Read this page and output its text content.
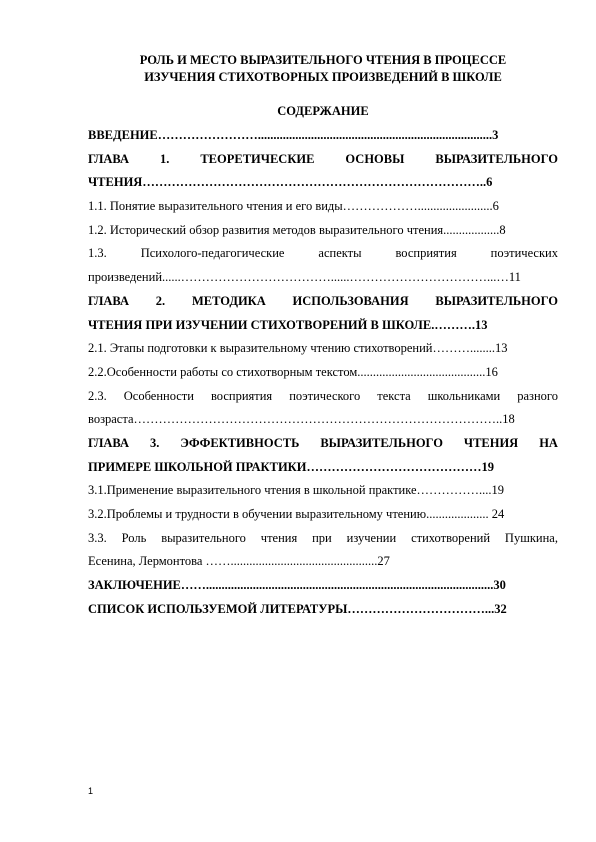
РОЛЬ И МЕСТО ВЫРАЗИТЕЛЬНОГО ЧТЕНИЯ В ПРОЦЕССЕ
ИЗУЧЕНИЯ СТИХОТВОРНЫХ ПРОИЗВЕДЕНИЙ В ШКОЛЕ
СОДЕРЖАНИЕ
ВВЕДЕНИЕ……………………...........................................................................3
ГЛАВА 1. ТЕОРЕТИЧЕСКИЕ ОСНОВЫ ВЫРАЗИТЕЛЬНОГО
ЧТЕНИЯ………………………………………………………………………..6
1.1. Понятие выразительного чтения и его виды………………........................6
1.2. Исторический обзор развития методов выразительного чтения..................8
1.3.	Психолого-педагогические	аспекты	восприятия	поэтических
произведений......………………………………......……………………………...…11
ГЛАВА 2. МЕТОДИКА ИСПОЛЬЗОВАНИЯ ВЫРАЗИТЕЛЬНОГО
ЧТЕНИЯ ПРИ ИЗУЧЕНИИ СТИХОТВОРЕНИЙ В ШКОЛЕ.……….13
2.1. Этапы подготовки к выразительному чтению стихотворений………........13
2.2.Особенности работы со стихотворным текстом.........................................16
2.3. Особенности восприятия поэтического текста школьниками разного
возраста……………………………………………………………………………..18
ГЛАВА 3. ЭФФЕКТИВНОСТЬ ВЫРАЗИТЕЛЬНОГО ЧТЕНИЯ НА
ПРИМЕРЕ ШКОЛЬНОЙ ПРАКТИКИ……………………………………19
3.1.Применение выразительного чтения в школьной практике……………....19
3.2.Проблемы и трудности в обучении выразительному чтению.................... 24
3.3. Роль выразительного чтения при изучении стихотворений Пушкина,
Есенина, Лермонтова ……...............................................27
ЗАКЛЮЧЕНИЕ……............................................................................................30
СПИСОК ИСПОЛЬЗУЕМОЙ ЛИТЕРАТУРЫ……………………………...32
1
